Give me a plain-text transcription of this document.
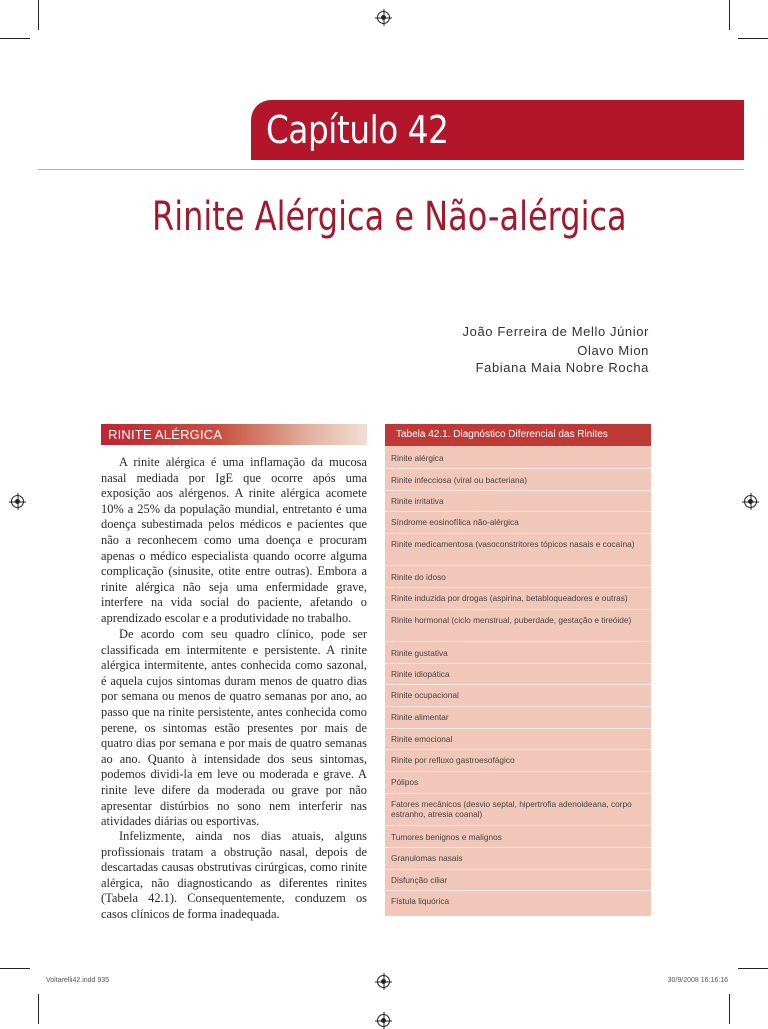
Capítulo 42
Rinite Alérgica e Não-alérgica
João Ferreira de Mello Júnior
Olavo Mion
Fabiana Maia Nobre Rocha
RINITE ALÉRGICA

A rinite alérgica é uma inflamação da mucosa nasal mediada por IgE que ocorre após uma exposição aos alérgenos. A rinite alérgica acomete 10% a 25% da população mundial, entretanto é uma doença subestimada pelos médicos e pacientes que não a reconhecem como uma doença e procuram apenas o médico especialista quando ocorre alguma complicação (sinusite, otite entre outras). Embora a rinite alérgica não seja uma enfermidade grave, interfere na vida social do paciente, afetando o aprendizado escolar e a produtividade no trabalho.

De acordo com seu quadro clínico, pode ser classificada em intermitente e persistente. A rinite alérgica intermitente, antes conhecida como sazonal, é aquela cujos sintomas duram menos de quatro dias por semana ou menos de quatro semanas por ano, ao passo que na rinite persistente, antes conhecida como perene, os sintomas estão presentes por mais de quatro dias por semana e por mais de quatro semanas ao ano. Quanto à intensidade dos seus sintomas, podemos dividi-la em leve ou moderada e grave. A rinite leve difere da moderada ou grave por não apresentar distúrbios no sono nem interferir nas atividades diárias ou esportivas.

Infelizmente, ainda nos dias atuais, alguns profissionais tratam a obstrução nasal, depois de descartadas causas obstrutivas cirúrgicas, como rinite alérgica, não diagnosticando as diferentes rinites (Tabela 42.1). Consequentemente, conduzem os casos clínicos de forma inadequada.

Tabela 42.1. Diagnóstico Diferencial das Rinites
Rinite alérgica
Rinite infecciosa (viral ou bacteriana)
Rinite irritativa
Síndrome eosinofílica não-alérgica
Rinite medicamentosa (vasoconstritores tópicos nasais e cocaína)
Rinite do idoso
Rinite induzida por drogas (aspirina, betabloqueadores e outras)
Rinite hormonal (ciclo menstrual, puberdade, gestação e tireóide)
Rinite gustativa
Rinite idiopática
Rinite ocupacional
Rinite alimentar
Rinite emocional
Rinite por refluxo gastroesofágico
Pólipos
Fatores mecânicos (desvio septal, hipertrofia adenoideana, corpo estranho, atresia coanal)
Tumores benignos e malignos
Granulomas nasais
Disfunção ciliar
Fístula liquórica
Voltarelli42.indd 935	30/9/2008 16:16:16
